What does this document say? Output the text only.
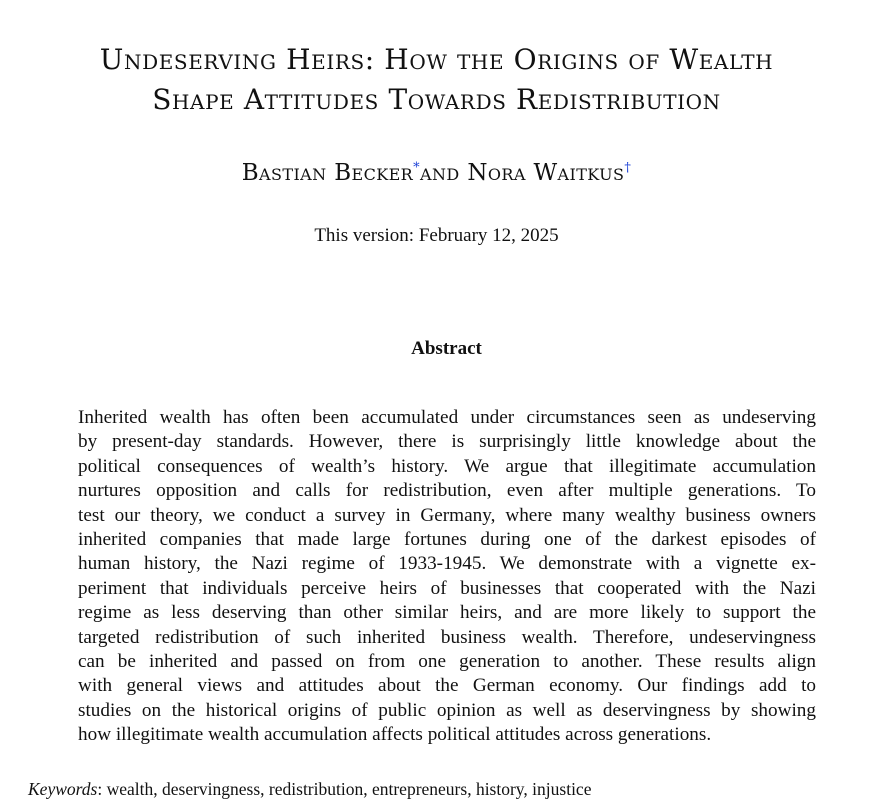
Undeserving Heirs: How the Origins of Wealth
Shape Attitudes Towards Redistribution
Bastian Becker*and Nora Waitkus†
This version: February 12, 2025
Abstract
Inherited wealth has often been accumulated under circumstances seen as undeserving
by present-day standards. However, there is surprisingly little knowledge about the
political consequences of wealth’s history. We argue that illegitimate accumulation
nurtures opposition and calls for redistribution, even after multiple generations. To
test our theory, we conduct a survey in Germany, where many wealthy business owners
inherited companies that made large fortunes during one of the darkest episodes of
human history, the Nazi regime of 1933-1945. We demonstrate with a vignette ex-
periment that individuals perceive heirs of businesses that cooperated with the Nazi
regime as less deserving than other similar heirs, and are more likely to support the
targeted redistribution of such inherited business wealth. Therefore, undeservingness
can be inherited and passed on from one generation to another. These results align
with general views and attitudes about the German economy. Our findings add to
studies on the historical origins of public opinion as well as deservingness by showing
how illegitimate wealth accumulation affects political attitudes across generations.
Keywords: wealth, deservingness, redistribution, entrepreneurs, history, injustice
